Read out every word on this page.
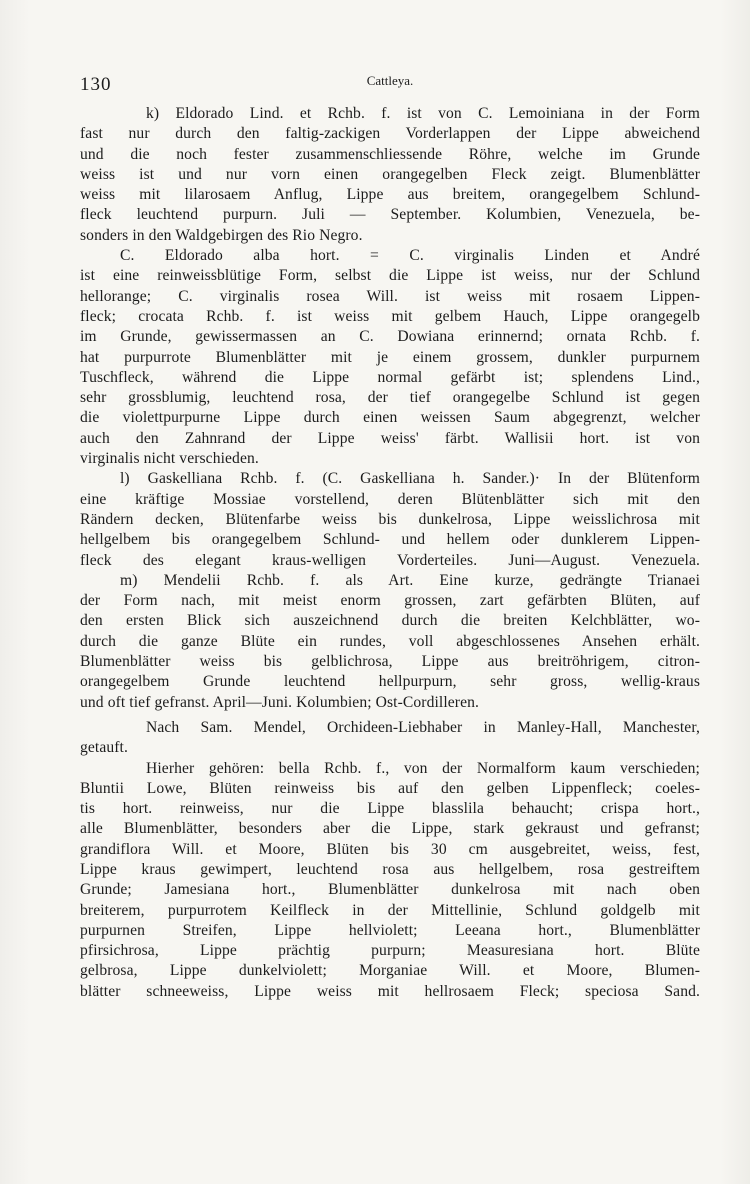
130	Cattleya.
k) Eldorado Lind. et Rchb. f. ist von C. Lemoiniana in der Form
fast nur durch den faltig-zackigen Vorderlappen der Lippe abweichend
und die noch fester zusammenschliessende Röhre, welche im Grunde
weiss ist und nur vorn einen orangegelben Fleck zeigt. Blumenblätter
weiss mit lilarosaem Anflug, Lippe aus breitem, orangegelbem Schlund-
fleck leuchtend purpurn. Juli — September. Kolumbien, Venezuela, be-
sonders in den Waldgebirgen des Rio Negro.
C. Eldorado alba hort. = C. virginalis Linden et André
ist eine reinweissblütige Form, selbst die Lippe ist weiss, nur der Schlund
hellorange; C. virginalis rosea Will. ist weiss mit rosaem Lippen-
fleck; crocata Rchb. f. ist weiss mit gelbem Hauch, Lippe orangegelb
im Grunde, gewissermassen an C. Dowiana erinnernd; ornata Rchb. f.
hat purpurrote Blumenblätter mit je einem grossem, dunkler purpurnem
Tuschfleck, während die Lippe normal gefärbt ist; splendens Lind.,
sehr grossblumig, leuchtend rosa, der tief orangegelbe Schlund ist gegen
die violettpurpurne Lippe durch einen weissen Saum abgegrenzt, welcher
auch den Zahnrand der Lippe weiss' färbt. Wallisii hort. ist von
virginalis nicht verschieden.
l) Gaskelliana Rchb. f. (C. Gaskelliana h. Sander.)· In der Blütenform
eine kräftige Mossiae vorstellend, deren Blütenblätter sich mit den
Rändern decken, Blütenfarbe weiss bis dunkelrosa, Lippe weisslichrosa mit
hellgelbem bis orangegelbem Schlund- und hellem oder dunklerem Lippen-
fleck des elegant kraus-welligen Vorderteiles. Juni—August. Venezuela.
m) Mendelii Rchb. f. als Art. Eine kurze, gedrängte Trianaei
der Form nach, mit meist enorm grossen, zart gefärbten Blüten, auf
den ersten Blick sich auszeichnend durch die breiten Kelchblätter, wo-
durch die ganze Blüte ein rundes, voll abgeschlossenes Ansehen erhält.
Blumenblätter weiss bis gelblichrosa, Lippe aus breitröhrigem, citron-
orangegelbem Grunde leuchtend hellpurpurn, sehr gross, wellig-kraus
und oft tief gefranst. April—Juni. Kolumbien; Ost-Cordilleren.
Nach Sam. Mendel, Orchideen-Liebhaber in Manley-Hall, Manchester,
getauft.
Hierher gehören: bella Rchb. f., von der Normalform kaum verschieden;
Bluntii Lowe, Blüten reinweiss bis auf den gelben Lippenfleck; coeles-
tis hort. reinweiss, nur die Lippe blasslila behaucht; crispa hort.,
alle Blumenblätter, besonders aber die Lippe, stark gekraust und gefranst;
grandiflora Will. et Moore, Blüten bis 30 cm ausgebreitet, weiss, fest,
Lippe kraus gewimpert, leuchtend rosa aus hellgelbem, rosa gestreiftem
Grunde; Jamesiana hort., Blumenblätter dunkelrosa mit nach oben
breiterem, purpurrotem Keilfleck in der Mittellinie, Schlund goldgelb mit
purpurnen Streifen, Lippe hellviolett; Leeana hort., Blumenblätter
pfirsichrosa, Lippe prächtig purpurn; Measuresiana hort. Blüte
gelbrosa, Lippe dunkelviolett; Morganiae Will. et Moore, Blumen-
blätter schneeweiss, Lippe weiss mit hellrosaem Fleck; speciosa Sand.
